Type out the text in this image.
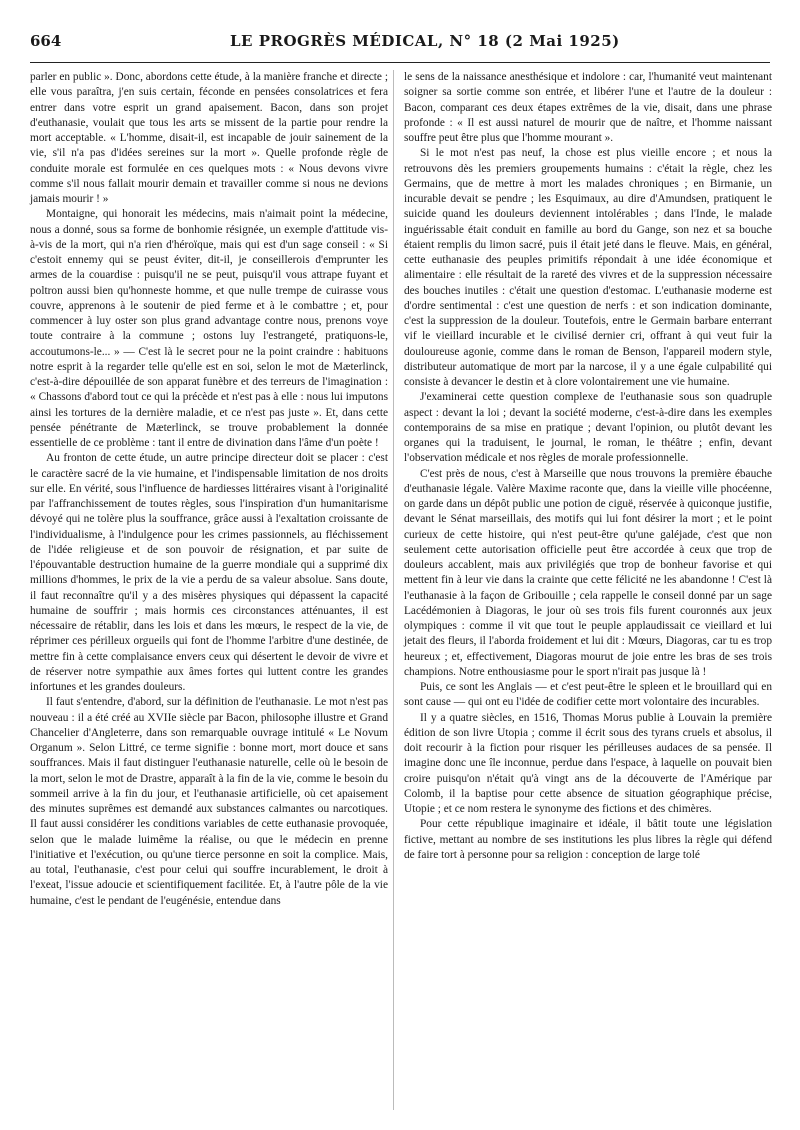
664	LE PROGRÈS MÉDICAL, N° 18 (2 Mai 1925)

parler en public ». Donc, abordons cette étude, à la manière franche et directe ; elle vous paraîtra, j'en suis certain, féconde en pensées consolatrices et fera entrer dans votre esprit un grand apaisement. Bacon, dans son projet d'euthanasie, voulait que tous les arts se missent de la partie pour rendre la mort acceptable. « L'homme, disait-il, est incapable de jouir sainement de la vie, s'il n'a pas d'idées sereines sur la mort ». Quelle profonde règle de conduite morale est formulée en ces quelques mots : « Nous devons vivre comme s'il nous fallait mourir demain et travailler comme si nous ne devions jamais mourir ! »

Montaigne, qui honorait les médecins, mais n'aimait point la médecine, nous a donné, sous sa forme de bonhomie résignée, un exemple d'attitude vis-à-vis de la mort, qui n'a rien d'héroïque, mais qui est d'un sage conseil : « Si c'estoit ennemy qui se peust éviter, dit-il, je conseillerois d'emprunter les armes de la couardise : puisqu'il ne se peut, puisqu'il vous attrape fuyant et poltron aussi bien qu'honneste homme, et que nulle trempe de cuirasse vous couvre, apprenons à le soutenir de pied ferme et à le combattre ; et, pour commencer à luy oster son plus grand advantage contre nous, prenons voye toute contraire à la commune ; ostons luy l'estrangeté, pratiquons-le, accoutumons-le... » — C'est là le secret pour ne la point craindre : habituons notre esprit à la regarder telle qu'elle est en soi, selon le mot de Mæterlinck, c'est-à-dire dépouillée de son apparat funèbre et des terreurs de l'imagination : « Chassons d'abord tout ce qui la précède et n'est pas à elle : nous lui imputons ainsi les tortures de la dernière maladie, et ce n'est pas juste ». Et, dans cette pensée pénétrante de Mæterlinck, se trouve probablement la donnée essentielle de ce problème : tant il entre de divination dans l'âme d'un poète !

Au fronton de cette étude, un autre principe directeur doit se placer : c'est le caractère sacré de la vie humaine, et l'indispensable limitation de nos droits sur elle. En vérité, sous l'influence de hardiesses littéraires visant à l'originalité par l'affranchissement de toutes règles, sous l'inspiration d'un humanitarisme dévoyé qui ne tolère plus la souffrance, grâce aussi à l'exaltation croissante de l'individualisme, à l'indulgence pour les crimes passionnels, au fléchissement de l'idée religieuse et de son pouvoir de résignation, et par suite de l'épouvantable destruction humaine de la guerre mondiale qui a supprimé dix millions d'hommes, le prix de la vie a perdu de sa valeur absolue. Sans doute, il faut reconnaître qu'il y a des misères physiques qui dépassent la capacité humaine de souffrir ; mais hormis ces circonstances atténuantes, il est nécessaire de rétablir, dans les lois et dans les mœurs, le respect de la vie, de réprimer ces périlleux orgueils qui font de l'homme l'arbitre d'une destinée, de mettre fin à cette complaisance envers ceux qui désertent le devoir de vivre et de réserver notre sympathie aux âmes fortes qui luttent contre les grandes infortunes et les grandes douleurs.

Il faut s'entendre, d'abord, sur la définition de l'euthanasie. Le mot n'est pas nouveau : il a été créé au XVIIe siècle par Bacon, philosophe illustre et Grand Chancelier d'Angleterre, dans son remarquable ouvrage intitulé « Le Novum Organum ». Selon Littré, ce terme signifie : bonne mort, mort douce et sans souffrances. Mais il faut distinguer l'euthanasie naturelle, celle où le besoin de la mort, selon le mot de Drastre, apparaît à la fin de la vie, comme le besoin du sommeil arrive à la fin du jour, et l'euthanasie artificielle, où cet apaisement des minutes suprêmes est demandé aux substances calmantes ou narcotiques. Il faut aussi considérer les conditions variables de cette euthanasie provoquée, selon que le malade luimême la réalise, ou que le médecin en prenne l'initiative et l'exécution, ou qu'une tierce personne en soit la complice. Mais, au total, l'euthanasie, c'est pour celui qui souffre incurablement, le droit à l'exeat, l'issue adoucie et scientifiquement facilitée. Et, à l'autre pôle de la vie humaine, c'est le pendant de l'eugénésie, entendue dans

le sens de la naissance anesthésique et indolore : car, l'humanité veut maintenant soigner sa sortie comme son entrée, et libérer l'une et l'autre de la douleur : Bacon, comparant ces deux étapes extrêmes de la vie, disait, dans une phrase profonde : « Il est aussi naturel de mourir que de naître, et l'homme naissant souffre peut être plus que l'homme mourant ».

Si le mot n'est pas neuf, la chose est plus vieille encore ; et nous la retrouvons dès les premiers groupements humains : c'était la règle, chez les Germains, que de mettre à mort les malades chroniques ; en Birmanie, un incurable devait se pendre ; les Esquimaux, au dire d'Amundsen, pratiquent le suicide quand les douleurs deviennent intolérables ; dans l'Inde, le malade inguérissable était conduit en famille au bord du Gange, son nez et sa bouche étaient remplis du limon sacré, puis il était jeté dans le fleuve. Mais, en général, cette euthanasie des peuples primitifs répondait à une idée économique et alimentaire : elle résultait de la rareté des vivres et de la suppression nécessaire des bouches inutiles : c'était une question d'estomac. L'euthanasie moderne est d'ordre sentimental : c'est une question de nerfs : et son indication dominante, c'est la suppression de la douleur. Toutefois, entre le Germain barbare enterrant vif le vieillard incurable et le civilisé dernier cri, offrant à qui veut fuir la douloureuse agonie, comme dans le roman de Benson, l'appareil modern style, distributeur automatique de mort par la narcose, il y a une égale culpabilité qui consiste à devancer le destin et à clore volontairement une vie humaine.

J'examinerai cette question complexe de l'euthanasie sous son quadruple aspect : devant la loi ; devant la société moderne, c'est-à-dire dans les exemples contemporains de sa mise en pratique ; devant l'opinion, ou plutôt devant les organes qui la traduisent, le journal, le roman, le théâtre ; enfin, devant l'observation médicale et nos règles de morale professionnelle.

C'est près de nous, c'est à Marseille que nous trouvons la première ébauche d'euthanasie légale. Valère Maxime raconte que, dans la vieille ville phocéenne, on garde dans un dépôt public une potion de ciguë, réservée à quiconque justifie, devant le Sénat marseillais, des motifs qui lui font désirer la mort ; et le point curieux de cette histoire, qui n'est peut-être qu'une galéjade, c'est que non seulement cette autorisation officielle peut être accordée à ceux que trop de douleurs accablent, mais aux privilégiés que trop de bonheur favorise et qui mettent fin à leur vie dans la crainte que cette félicité ne les abandonne ! C'est là l'euthanasie à la façon de Gribouille ; cela rappelle le conseil donné par un sage Lacédémonien à Diagoras, le jour où ses trois fils furent couronnés aux jeux olympiques : comme il vit que tout le peuple applaudissait ce vieillard et lui jetait des fleurs, il l'aborda froidement et lui dit : Mœurs, Diagoras, car tu es trop heureux ; et, effectivement, Diagoras mourut de joie entre les bras de ses trois champions. Notre enthousiasme pour le sport n'irait pas jusque là !

Puis, ce sont les Anglais — et c'est peut-être le spleen et le brouillard qui en sont cause — qui ont eu l'idée de codifier cette mort volontaire des incurables.

Il y a quatre siècles, en 1516, Thomas Morus publie à Louvain la première édition de son livre Utopia ; comme il écrit sous des tyrans cruels et absolus, il doit recourir à la fiction pour risquer les périlleuses audaces de sa pensée. Il imagine donc une île inconnue, perdue dans l'espace, à laquelle on pouvait bien croire puisqu'on n'était qu'à vingt ans de la découverte de l'Amérique par Colomb, il la baptise pour cette absence de situation géographique précise, Utopie ; et ce nom restera le synonyme des fictions et des chimères.

Pour cette république imaginaire et idéale, il bâtit toute une législation fictive, mettant au nombre de ses institutions les plus libres la règle qui défend de faire tort à personne pour sa religion : conception de large tolé
